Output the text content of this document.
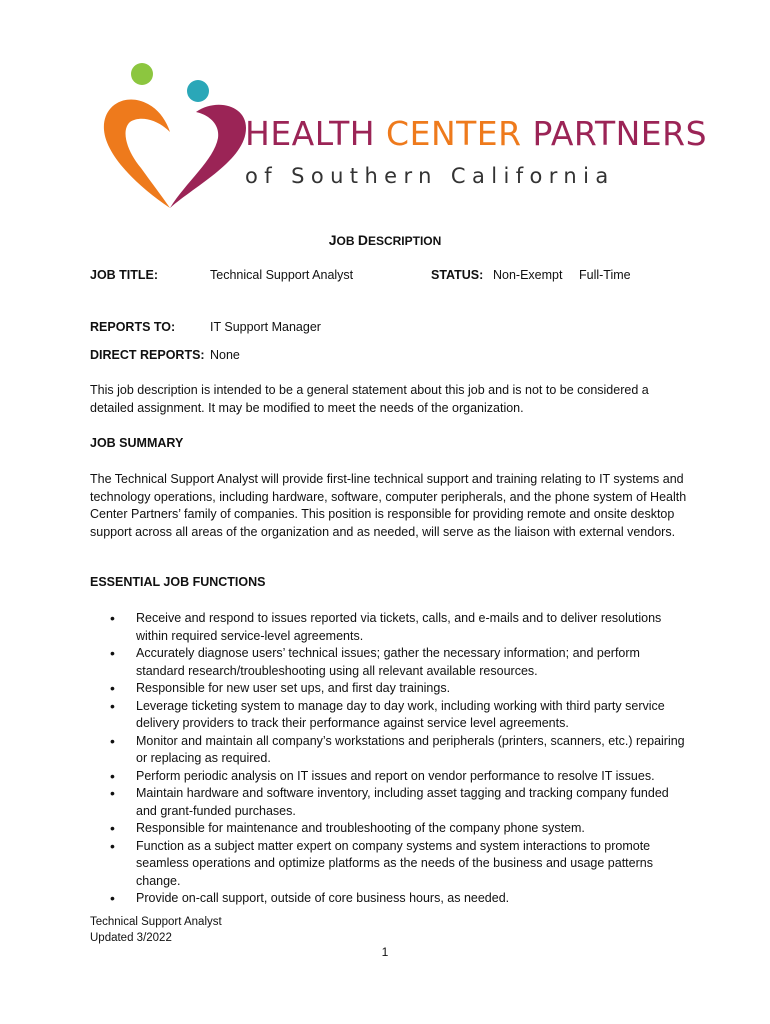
HEALTH CENTER PARTNERS

of Southern California

JOB DESCRIPTION
JOB TITLE:	Technical Support Analyst	STATUS: Non-Exempt Full-Time
REPORTS TO:	IT Support Manager
DIRECT REPORTS: None

This job description is intended to be a general statement about this job and is not to be considered a detailed assignment. It may be modified to meet the needs of the organization.

JOB SUMMARY

The Technical Support Analyst will provide first-line technical support and training relating to IT systems and technology operations, including hardware, software, computer peripherals, and the phone system of Health Center Partners’ family of companies. This position is responsible for providing remote and onsite desktop support across all areas of the organization and as needed, will serve as the liaison with external vendors.

ESSENTIAL JOB FUNCTIONS
• Receive and respond to issues reported via tickets, calls, and e-mails and to deliver resolutions within required service-level agreements.
• Accurately diagnose users’ technical issues; gather the necessary information; and perform standard research/troubleshooting using all relevant available resources.
• Responsible for new user set ups, and first day trainings.
• Leverage ticketing system to manage day to day work, including working with third party service delivery providers to track their performance against service level agreements.
• Monitor and maintain all company’s workstations and peripherals (printers, scanners, etc.) repairing or replacing as required.
• Perform periodic analysis on IT issues and report on vendor performance to resolve IT issues.
• Maintain hardware and software inventory, including asset tagging and tracking company funded and grant-funded purchases.
• Responsible for maintenance and troubleshooting of the company phone system.
• Function as a subject matter expert on company systems and system interactions to promote seamless operations and optimize platforms as the needs of the business and usage patterns change.
• Provide on-call support, outside of core business hours, as needed.
Technical Support Analyst
Updated 3/2022
1
